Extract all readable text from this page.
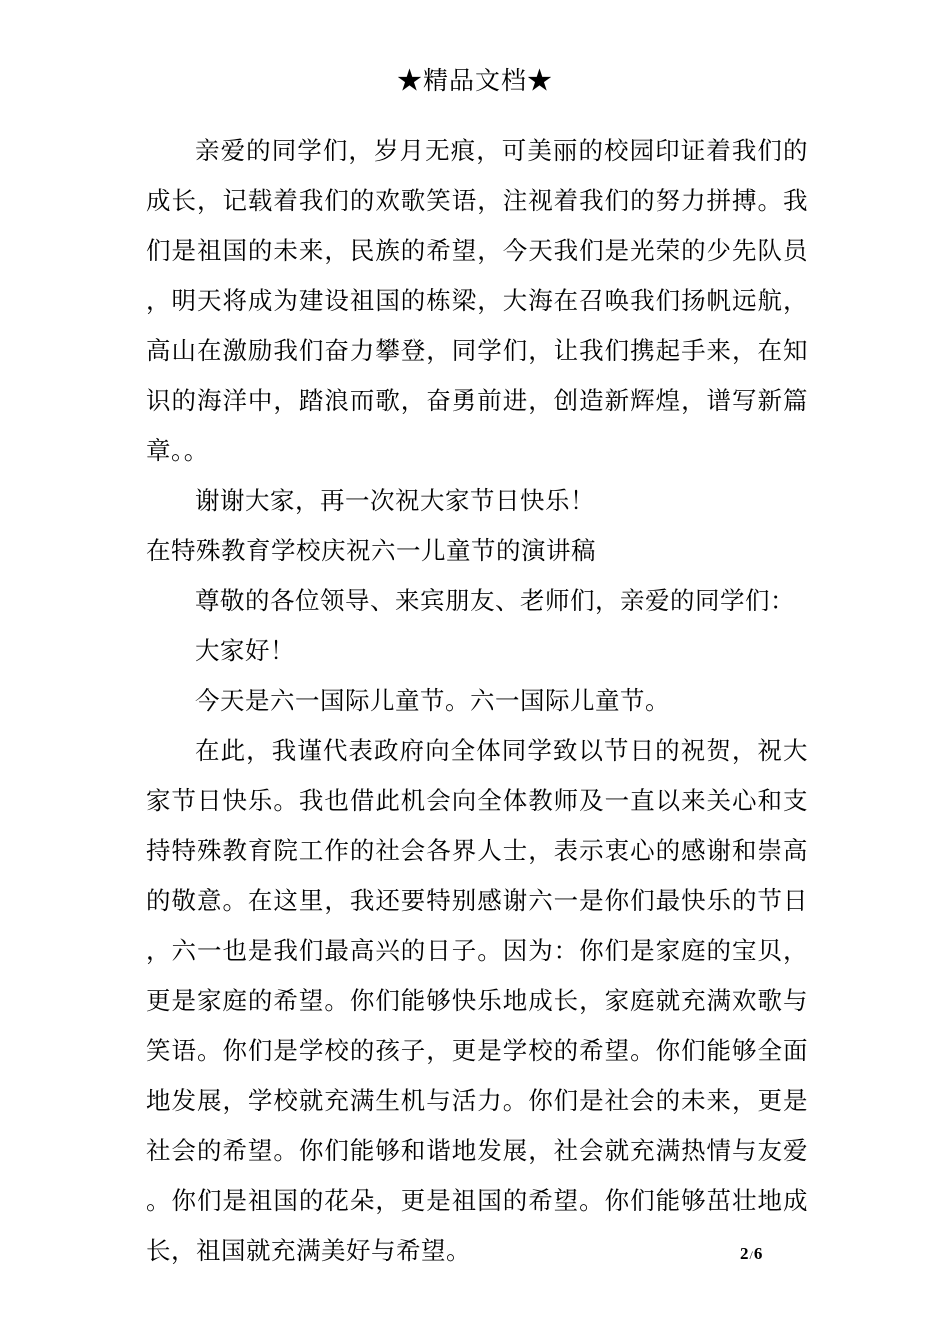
★精品文档★

亲爱的同学们，岁月无痕，可美丽的校园印证着我们的成长，记载着我们的欢歌笑语，注视着我们的努力拼搏。我们是祖国的未来，民族的希望，今天我们是光荣的少先队员，明天将成为建设祖国的栋梁，大海在召唤我们扬帆远航，高山在激励我们奋力攀登，同学们，让我们携起手来，在知识的海洋中，踏浪而歌，奋勇前进，创造新辉煌，谱写新篇章。。

谢谢大家，再一次祝大家节日快乐！

在特殊教育学校庆祝六一儿童节的演讲稿

尊敬的各位领导、来宾朋友、老师们，亲爱的同学们：

大家好！

今天是六一国际儿童节。六一国际儿童节。

在此，我谨代表政府向全体同学致以节日的祝贺，祝大家节日快乐。我也借此机会向全体教师及一直以来关心和支持特殊教育院工作的社会各界人士，表示衷心的感谢和崇高的敬意。在这里，我还要特别感谢六一是你们最快乐的节日，六一也是我们最高兴的日子。因为：你们是家庭的宝贝，更是家庭的希望。你们能够快乐地成长，家庭就充满欢歌与笑语。你们是学校的孩子，更是学校的希望。你们能够全面地发展，学校就充满生机与活力。你们是社会的未来，更是社会的希望。你们能够和谐地发展，社会就充满热情与友爱。你们是祖国的花朵，更是祖国的希望。你们能够茁壮地成长，祖国就充满美好与希望。	2/6
